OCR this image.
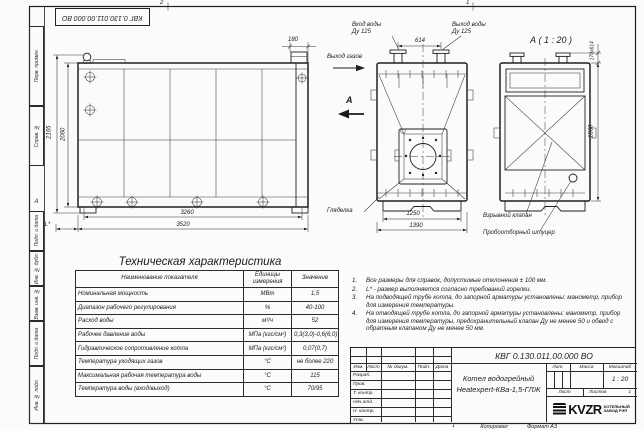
Перв. примен.
Справ. №
Подп. и дата
Инв. № дубл.
Взам. инв. №
Подп. и дата
Инв. № подл.
КВГ 0.130.011.00.000 ВО
2	1
1
А
180
2165 2060
3260
3520
L*
614
1250
1390
1860
170х614
Вход воды
Ду 125
Выход воды
Ду 125
Выход газов
А
А ( 1 : 20 )
Гляделка
Взрывной клапан
Пробоотборный штуцер
Техническая характеристика
Наименование показателя	Единицы измерения	Значение
Номинальная мощность	МВт	1,5
Диапазон рабочего регулирования	%	40-100
Расход воды	м³/ч	52
Рабочее давление воды	МПа (кгс/см²)	0,3(3,0)-0,6(6,0)
Гидравлическое сопротивление котла	МПа (кгс/см²)	0,07(0,7)
Температура уходящих газов	°С	не более 220
Максимальная рабочая температура воды	°С	115
Температура воды (вход/выход)	°С	70/95
1.	Все размеры для справок, допустимые отклонения ± 100 мм.
2.	L* - размер выполняется согласно требований горелки.
3.	На подводящей трубе котла, до запорной арматуры установлены: манометр, прибор для измерения температуры.
4.	На отводящей трубе котла, до запорной арматуры установлены: манометр, прибор для измерения температуры, предохранительный клапан Ду не менее 50 и обвод с обратным клапаном Ду не менее 50 мм.
КВГ 0.130.011.00.000 ВО
Изм. Лист	№ докум.	Подп.	Дата
Разраб.
Пров.
Т. контр.
Нач.отд.
Н. контр.
Утв.
Котел водогрейный
Heatexpert-КВа-1,5-ГЛЖ
Лит.	Масса	Масштаб
1 : 20
Лист	Листов	1
KVZR КОТЕЛЬНЫЙ
ЗАВОД РЭП
Копировал	Формат А3
